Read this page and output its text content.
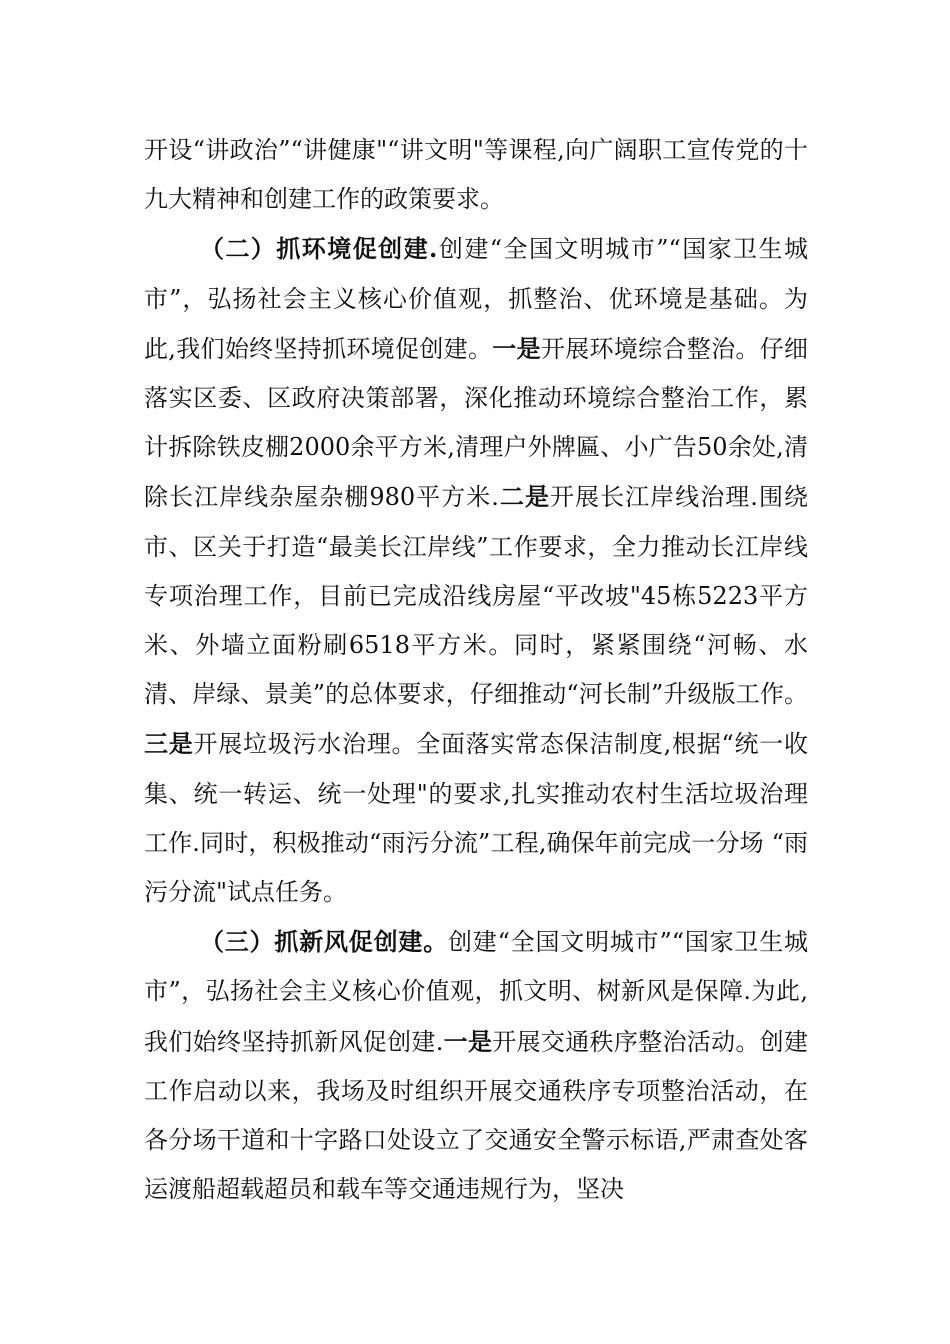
开设“讲政治”“讲健康"“讲文明"等课程,向广阔职工宣传党的十九大精神和创建工作的政策要求。

（二）抓环境促创建.创建“全国文明城市”“国家卫生城市”，弘扬社会主义核心价值观，抓整治、优环境是基础。为此,我们始终坚持抓环境促创建。一是开展环境综合整治。仔细落实区委、区政府决策部署，深化推动环境综合整治工作，累计拆除铁皮棚2000余平方米,清理户外牌匾、小广告50余处,清除长江岸线杂屋杂棚980平方米.二是开展长江岸线治理.围绕市、区关于打造“最美长江岸线”工作要求，全力推动长江岸线专项治理工作，目前已完成沿线房屋“平改坡"45栋5223平方米、外墙立面粉刷6518平方米。同时，紧紧围绕“河畅、水清、岸绿、景美”的总体要求，仔细推动“河长制”升级版工作。三是开展垃圾污水治理。全面落实常态保洁制度,根据“统一收集、统一转运、统一处理"的要求,扎实推动农村生活垃圾治理工作.同时，积极推动“雨污分流”工程,确保年前完成一分场 “雨污分流"试点任务。

（三）抓新风促创建。创建“全国文明城市”“国家卫生城市”，弘扬社会主义核心价值观，抓文明、树新风是保障.为此,我们始终坚持抓新风促创建.一是开展交通秩序整治活动。创建工作启动以来，我场及时组织开展交通秩序专项整治活动，在各分场干道和十字路口处设立了交通安全警示标语,严肃查处客运渡船超载超员和载车等交通违规行为，坚决
